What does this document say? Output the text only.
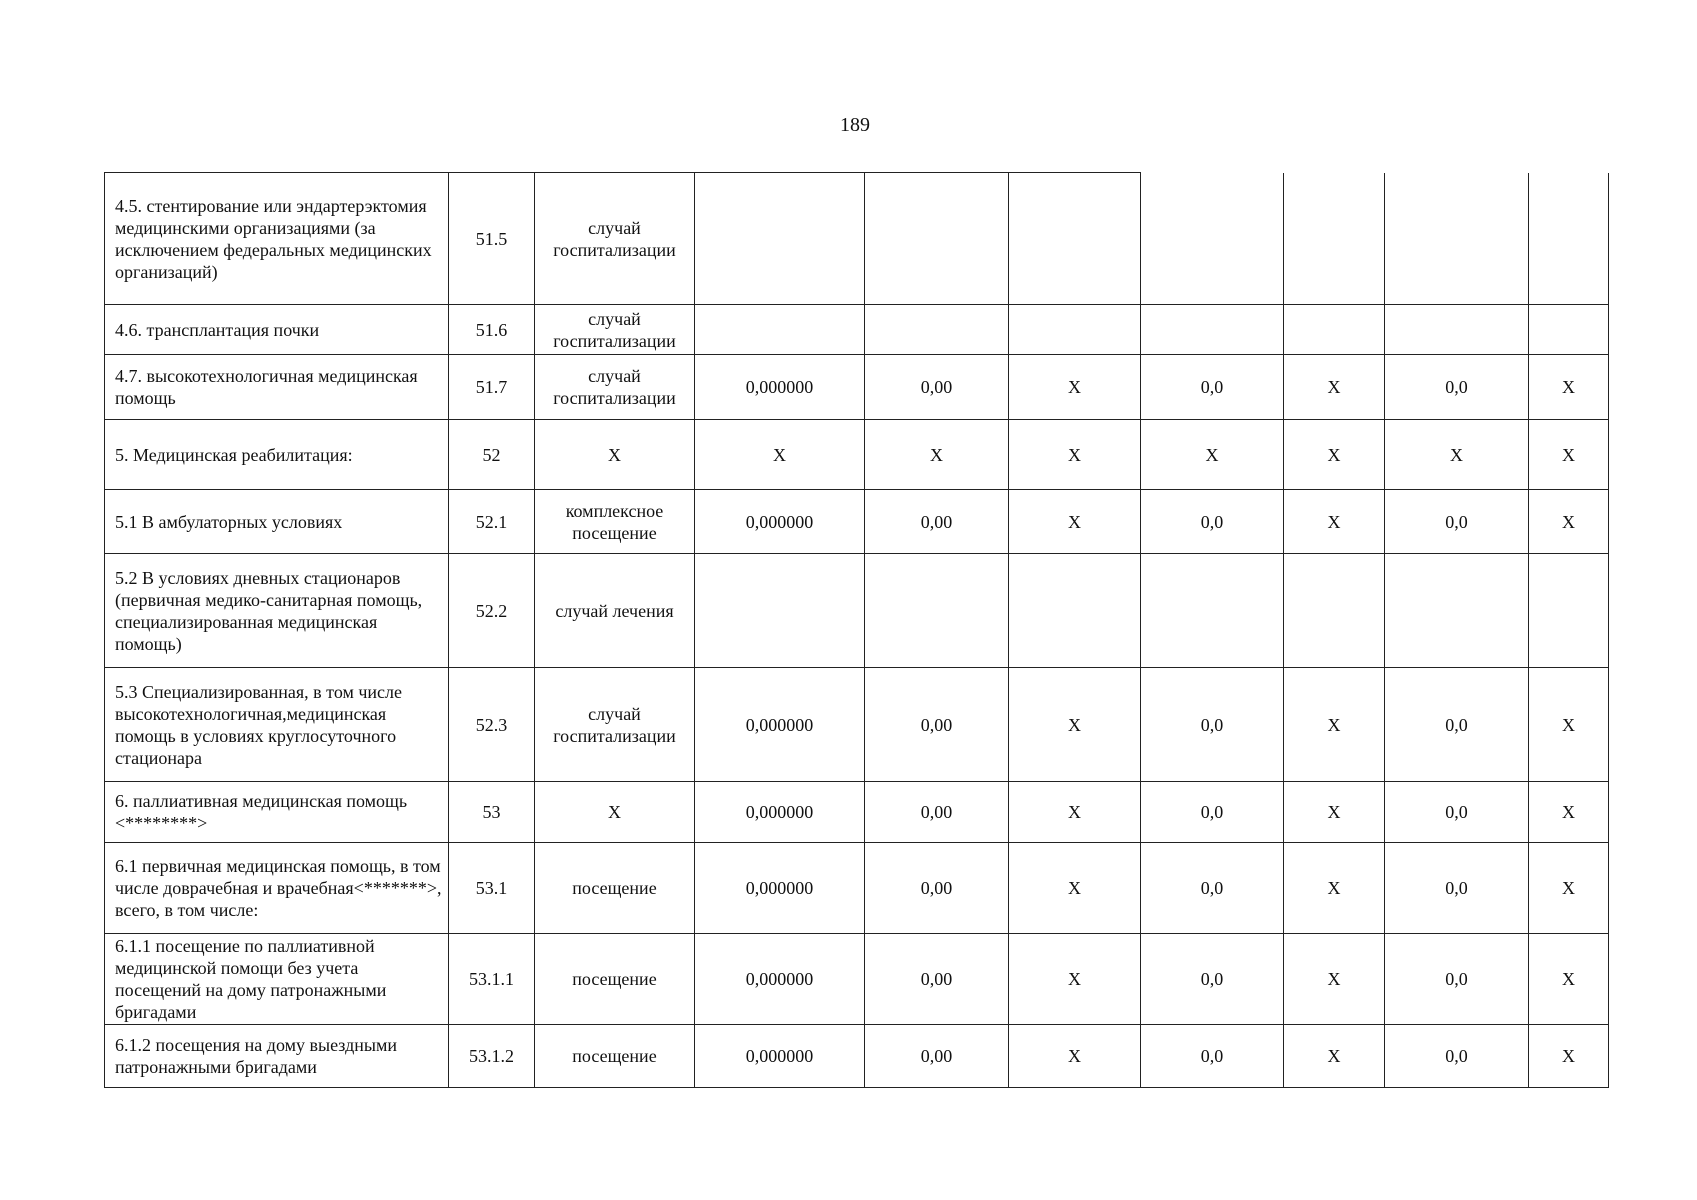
189
4.5. стентирование или эндартерэктомия медицинскими организациями (за исключением федеральных медицинских организаций)	51.5	случай госпитализации							
4.6. трансплантация почки	51.6	случай госпитализации							
4.7. высокотехнологичная медицинская помощь	51.7	случай госпитализации	0,000000	0,00	X	0,0	X	0,0	X
5. Медицинская реабилитация:	52	X	X	X	X	X	X	X	X
5.1 В амбулаторных условиях	52.1	комплексное посещение	0,000000	0,00	X	0,0	X	0,0	X
5.2 В условиях дневных стационаров (первичная медико-санитарная помощь, специализированная медицинская помощь)	52.2	случай лечения							
5.3 Специализированная, в том числе высокотехнологичная,медицинская помощь в условиях круглосуточного стационара	52.3	случай госпитализации	0,000000	0,00	X	0,0	X	0,0	X
6. паллиативная медицинская помощь <********>	53	X	0,000000	0,00	X	0,0	X	0,0	X
6.1 первичная медицинская помощь, в том числе доврачебная и врачебная<*******>, всего, в том числе:	53.1	посещение	0,000000	0,00	X	0,0	X	0,0	X
6.1.1 посещение по паллиативной медицинской помощи без учета посещений на дому патронажными бригадами	53.1.1	посещение	0,000000	0,00	X	0,0	X	0,0	X
6.1.2 посещения на дому выездными патронажными бригадами	53.1.2	посещение	0,000000	0,00	X	0,0	X	0,0	X
